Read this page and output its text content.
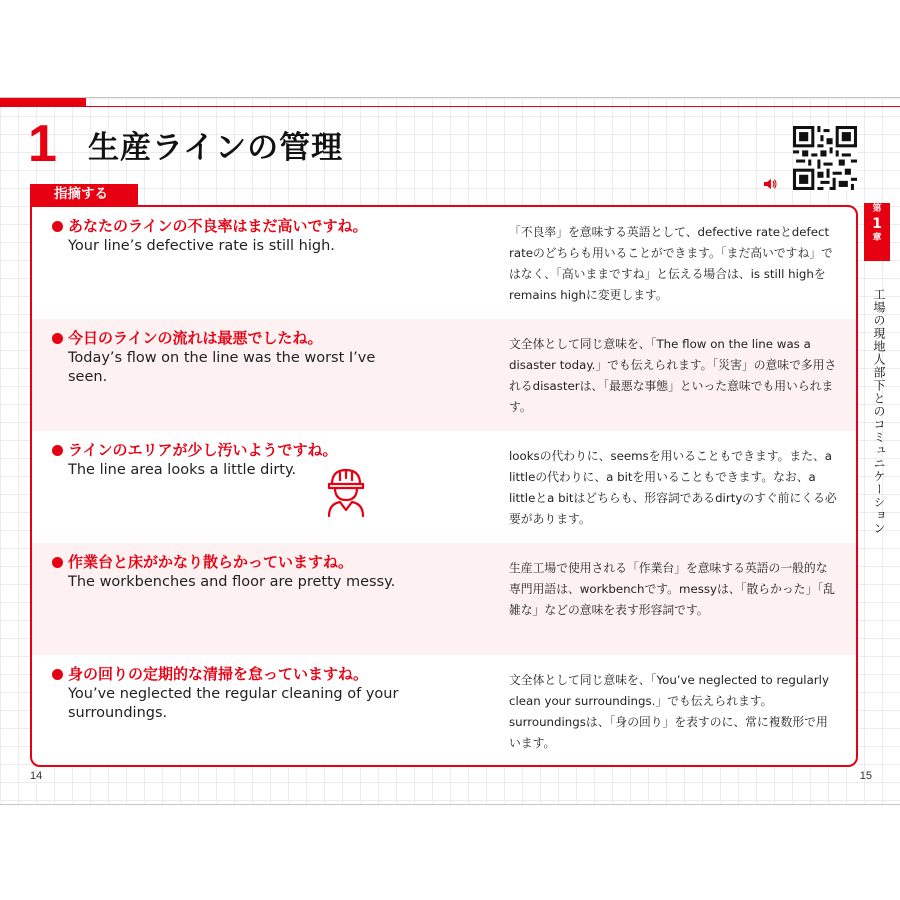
1 生産ラインの管理
指摘する
あなたのラインの不良率はまだ高いですね。
Your line’s defective rate is still high.
「不良率」を意味する英語として、defective rateとdefect rateのどちらも用いることができます。「まだ高いですね」ではなく、「高いままですね」と伝える場合は、is still highをremains highに変更します。
今日のラインの流れは最悪でしたね。
Today’s flow on the line was the worst I’ve seen.
文全体として同じ意味を、「The flow on the line was a disaster today.」でも伝えられます。「災害」の意味で多用されるdisasterは、「最悪な事態」といった意味でも用いられます。
ラインのエリアが少し汚いようですね。
The line area looks a little dirty.
looksの代わりに、seemsを用いることもできます。また、a littleの代わりに、a bitを用いることもできます。なお、a littleとa bitはどちらも、形容詞であるdirtyのすぐ前にくる必要があります。
作業台と床がかなり散らかっていますね。
The workbenches and floor are pretty messy.
生産工場で使用される「作業台」を意味する英語の一般的な専門用語は、workbenchです。messyは、「散らかった」「乱雑な」などの意味を表す形容詞です。
身の回りの定期的な清掃を怠っていますね。
You’ve neglected the regular cleaning of your surroundings.
文全体として同じ意味を、「You’ve neglected to regularly clean your surroundings.」でも伝えられます。surroundingsは、「身の回り」を表すのに、常に複数形で用います。
14	15
第
1
章
工場の現地人部下とのコミュニケーション
